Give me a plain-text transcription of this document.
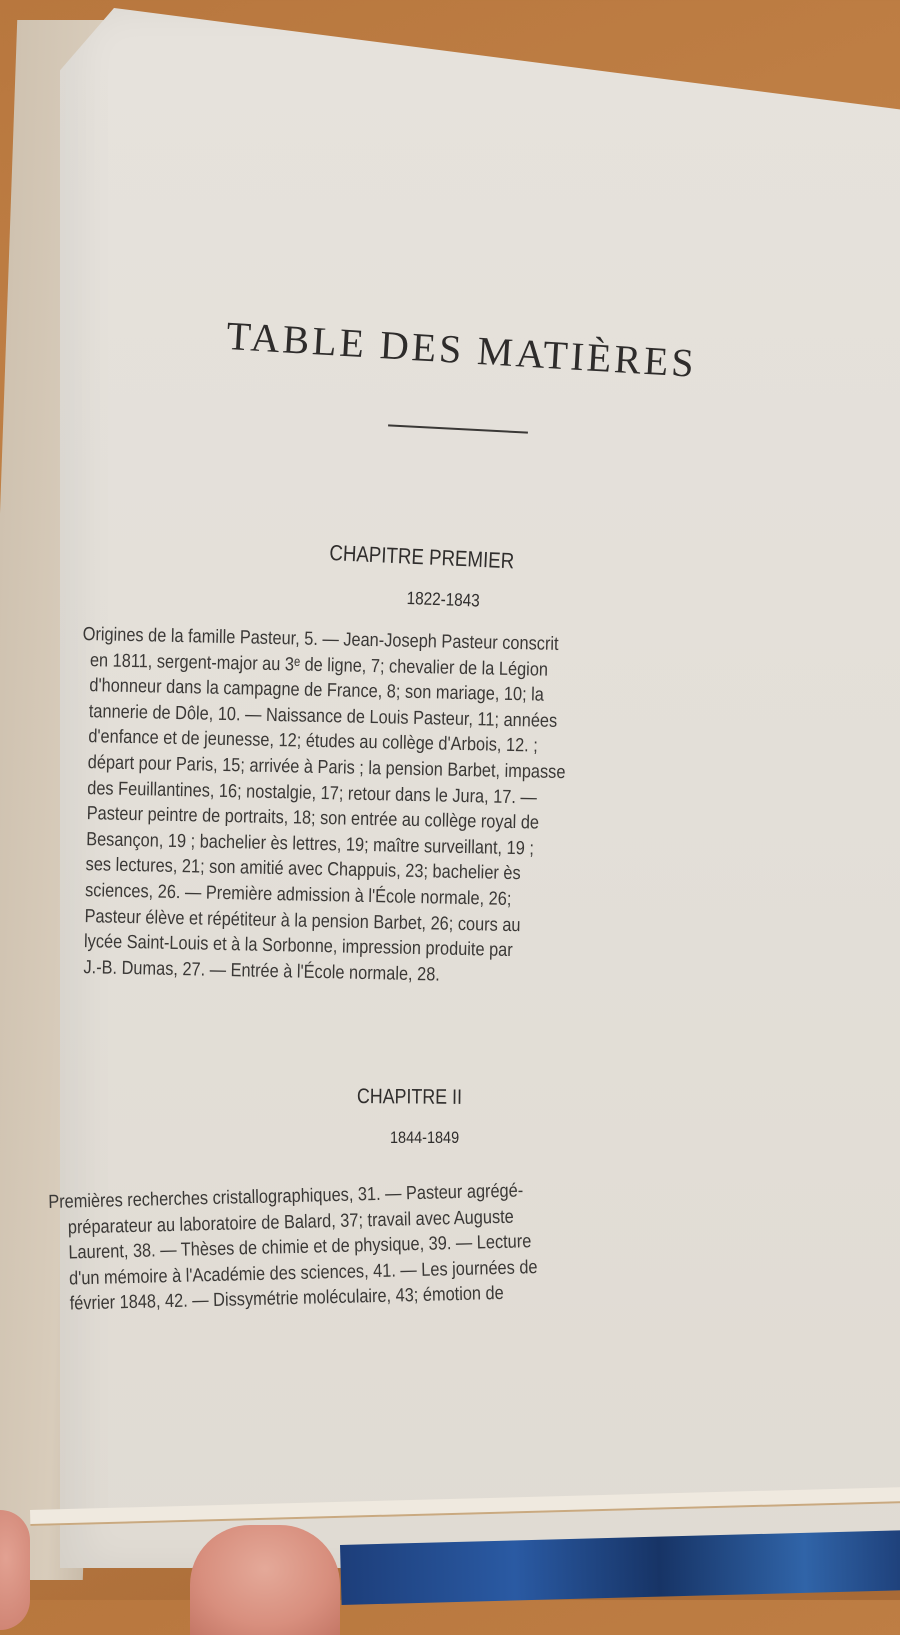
TABLE DES MATIÈRES
CHAPITRE PREMIER
1822-1843
Origines de la famille Pasteur, 5. — Jean-Joseph Pasteur conscrit
en 1811, sergent-major au 3ᵉ de ligne, 7; chevalier de la Légion
d'honneur dans la campagne de France, 8; son mariage, 10; la
tannerie de Dôle, 10. — Naissance de Louis Pasteur, 11; années
d'enfance et de jeunesse, 12; études au collège d'Arbois, 12. ;
départ pour Paris, 15; arrivée à Paris ; la pension Barbet, impasse
des Feuillantines, 16; nostalgie, 17; retour dans le Jura, 17. —
Pasteur peintre de portraits, 18; son entrée au collège royal de
Besançon, 19 ; bachelier ès lettres, 19; maître surveillant, 19 ;
ses lectures, 21; son amitié avec Chappuis, 23; bachelier ès
sciences, 26. — Première admission à l'École normale, 26;
Pasteur élève et répétiteur à la pension Barbet, 26; cours au
lycée Saint-Louis et à la Sorbonne, impression produite par
J.-B. Dumas, 27. — Entrée à l'École normale, 28.
CHAPITRE II
1844-1849
Premières recherches cristallographiques, 31. — Pasteur agrégé-
préparateur au laboratoire de Balard, 37; travail avec Auguste
Laurent, 38. — Thèses de chimie et de physique, 39. — Lecture
d'un mémoire à l'Académie des sciences, 41. — Les journées de
février 1848, 42. — Dissymétrie moléculaire, 43; émotion de
